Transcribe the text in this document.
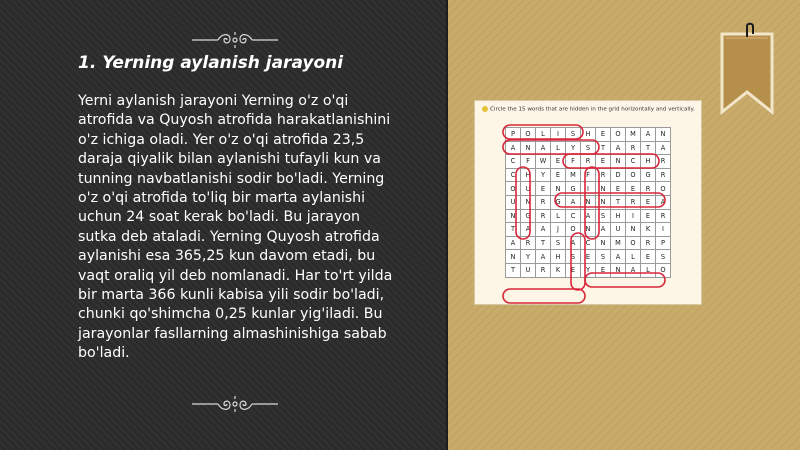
1. Yerning aylanish jarayoni

Yerni aylanish jarayoni Yerning o'z o'qi atrofida va Quyosh atrofida harakatlanishini o'z ichiga oladi. Yer o'z o'qi atrofida 23,5 daraja qiyalik bilan aylanishi tufayli kun va tunning navbatlanishi sodir bo'ladi. Yerning o'z o'qi atrofida to'liq bir marta aylanishi uchun 24 soat kerak bo'ladi. Bu jarayon sutka deb ataladi. Yerning Quyosh atrofida aylanishi esa 365,25 kun davom etadi, bu vaqt oraliq yil deb nomlanadi. Har to'rt yilda bir marta 366 kunli kabisa yili sodir bo'ladi, chunki qo'shimcha 0,25 kunlar yig'iladi. Bu jarayonlar fasllarning almashinishiga sabab bo'ladi.

Circle the 15 words that are hidden in the grid horizontally and vertically.
P	O	L	I	S	H	E	O	M	A	N
A	N	A	L	Y	S	T	A	R	T	A
C	F	W	E	F	R	E	N	C	H	R
C	H	Y	E	M	F	R	D	O	G	R
O	U	E	N	G	I	N	E	E	R	O
U	N	R	G	A	N	N	T	R	E	A
N	G	R	L	C	A	S	H	I	E	R
T	A	A	J	O	N	A	U	N	K	I
A	R	T	S	A	C	N	M	O	R	P
N	Y	A	H	S	E	S	A	L	E	S
T	U	R	K	E	Y	E	N	A	L	O
